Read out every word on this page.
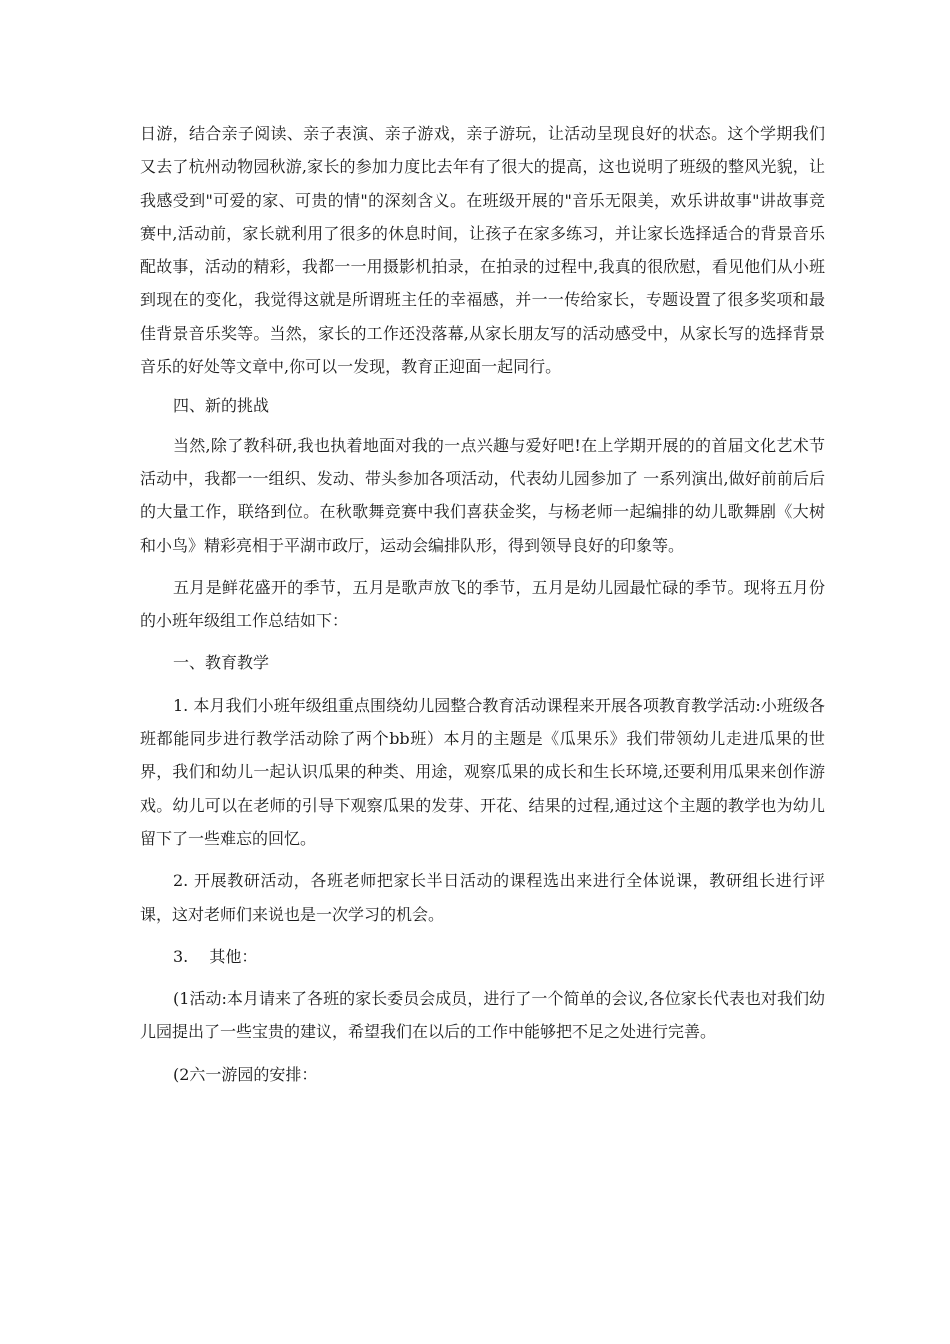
日游，结合亲子阅读、亲子表演、亲子游戏，亲子游玩，让活动呈现良好的状态。这个学期我们又去了杭州动物园秋游,家长的参加力度比去年有了很大的提高，这也说明了班级的整风光貌，让我感受到"可爱的家、可贵的情"的深刻含义。在班级开展的"音乐无限美，欢乐讲故事"讲故事竞赛中,活动前，家长就利用了很多的休息时间，让孩子在家多练习，并让家长选择适合的背景音乐配故事，活动的精彩，我都一一用摄影机拍录，在拍录的过程中,我真的很欣慰，看见他们从小班到现在的变化，我觉得这就是所谓班主任的幸福感，并一一传给家长，专题设置了很多奖项和最佳背景音乐奖等。当然，家长的工作还没落幕,从家长朋友写的活动感受中，从家长写的选择背景音乐的好处等文章中,你可以一发现，教育正迎面一起同行。

四、新的挑战

当然,除了教科研,我也执着地面对我的一点兴趣与爱好吧!在上学期开展的的首届文化艺术节活动中，我都一一组织、发动、带头参加各项活动，代表幼儿园参加了 一系列演出,做好前前后后的大量工作，联络到位。在秋歌舞竞赛中我们喜获金奖，与杨老师一起编排的幼儿歌舞剧《大树和小鸟》精彩亮相于平湖市政厅，运动会编排队形，得到领导良好的印象等。

五月是鲜花盛开的季节，五月是歌声放飞的季节，五月是幼儿园最忙碌的季节。现将五月份的小班年级组工作总结如下：

一、教育教学

1. 本月我们小班年级组重点围绕幼儿园整合教育活动课程来开展各项教育教学活动:小班级各班都能同步进行教学活动除了两个bb班）本月的主题是《瓜果乐》我们带领幼儿走进瓜果的世界，我们和幼儿一起认识瓜果的种类、用途，观察瓜果的成长和生长环境,还要利用瓜果来创作游戏。幼儿可以在老师的引导下观察瓜果的发芽、开花、结果的过程,通过这个主题的教学也为幼儿留下了一些难忘的回忆。

2. 开展教研活动，各班老师把家长半日活动的课程选出来进行全体说课，教研组长进行评课，这对老师们来说也是一次学习的机会。

3.　 其他：

(1活动:本月请来了各班的家长委员会成员，进行了一个简单的会议,各位家长代表也对我们幼儿园提出了一些宝贵的建议，希望我们在以后的工作中能够把不足之处进行完善。

(2六一游园的安排：
